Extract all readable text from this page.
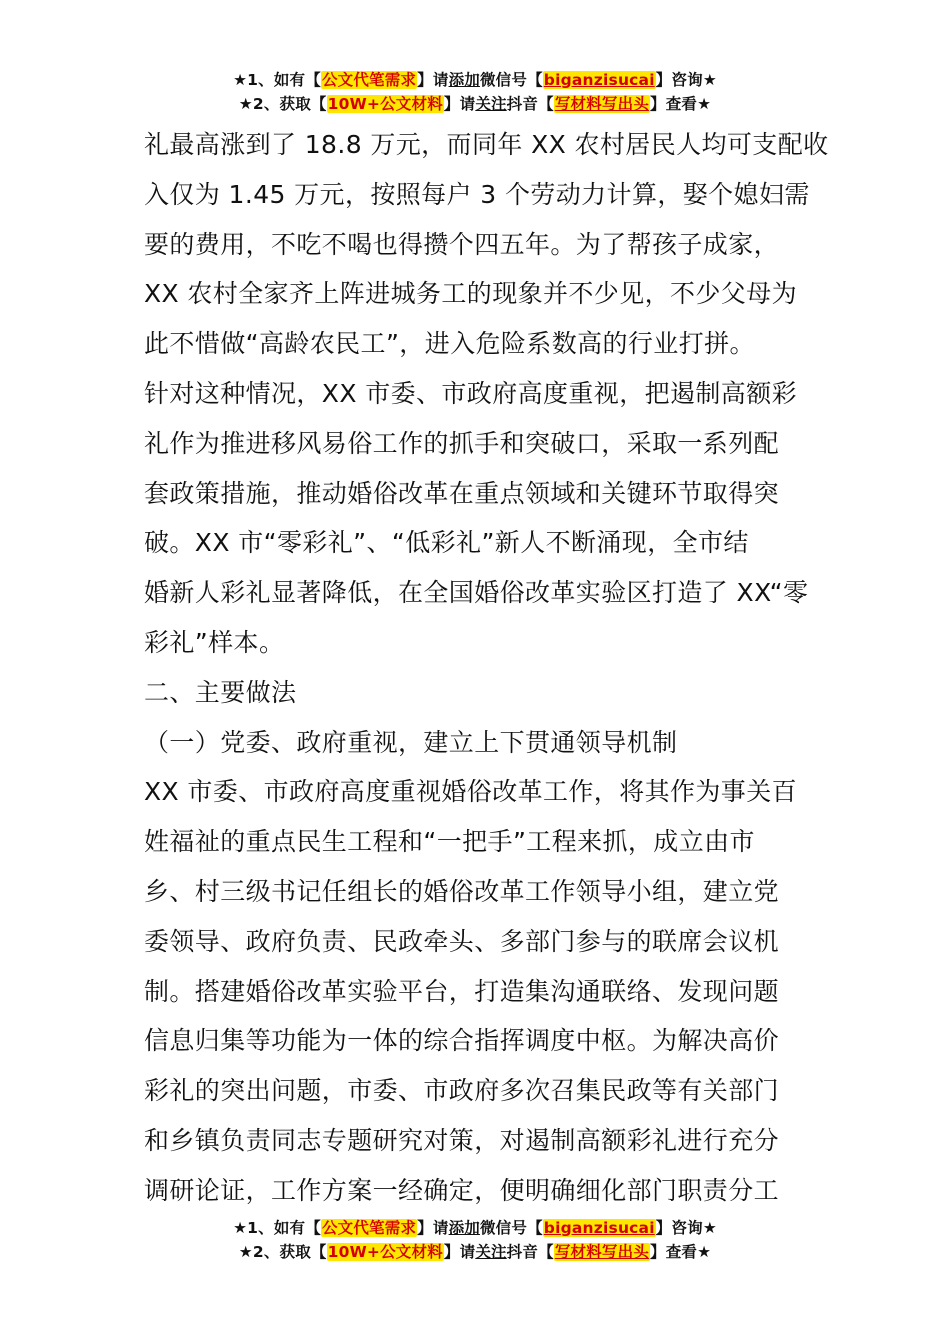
★1、如有【公文代笔需求】请添加微信号【biganzisucai】咨询★
★2、获取【10W+公文材料】请关注抖音【写材料写出头】查看★
礼最高涨到了 18.8 万元，而同年 XX 农村居民人均可支配收
入仅为 1.45 万元，按照每户 3 个劳动力计算，娶个媳妇需
要的费用，不吃不喝也得攒个四五年。为了帮孩子成家，
XX 农村全家齐上阵进城务工的现象并不少见，不少父母为
此不惜做“高龄农民工”，进入危险系数高的行业打拼。
针对这种情况，XX 市委、市政府高度重视，把遏制高额彩
礼作为推进移风易俗工作的抓手和突破口，采取一系列配
套政策措施，推动婚俗改革在重点领域和关键环节取得突
破。XX 市“零彩礼”、“低彩礼”新人不断涌现，全市结
婚新人彩礼显著降低，在全国婚俗改革实验区打造了 XX“零
彩礼”样本。
二、主要做法
（一）党委、政府重视，建立上下贯通领导机制
XX 市委、市政府高度重视婚俗改革工作，将其作为事关百
姓福祉的重点民生工程和“一把手”工程来抓，成立由市
乡、村三级书记任组长的婚俗改革工作领导小组，建立党
委领导、政府负责、民政牵头、多部门参与的联席会议机
制。搭建婚俗改革实验平台，打造集沟通联络、发现问题
信息归集等功能为一体的综合指挥调度中枢。为解决高价
彩礼的突出问题，市委、市政府多次召集民政等有关部门
和乡镇负责同志专题研究对策，对遏制高额彩礼进行充分
调研论证，工作方案一经确定，便明确细化部门职责分工
★1、如有【公文代笔需求】请添加微信号【biganzisucai】咨询★
★2、获取【10W+公文材料】请关注抖音【写材料写出头】查看★
